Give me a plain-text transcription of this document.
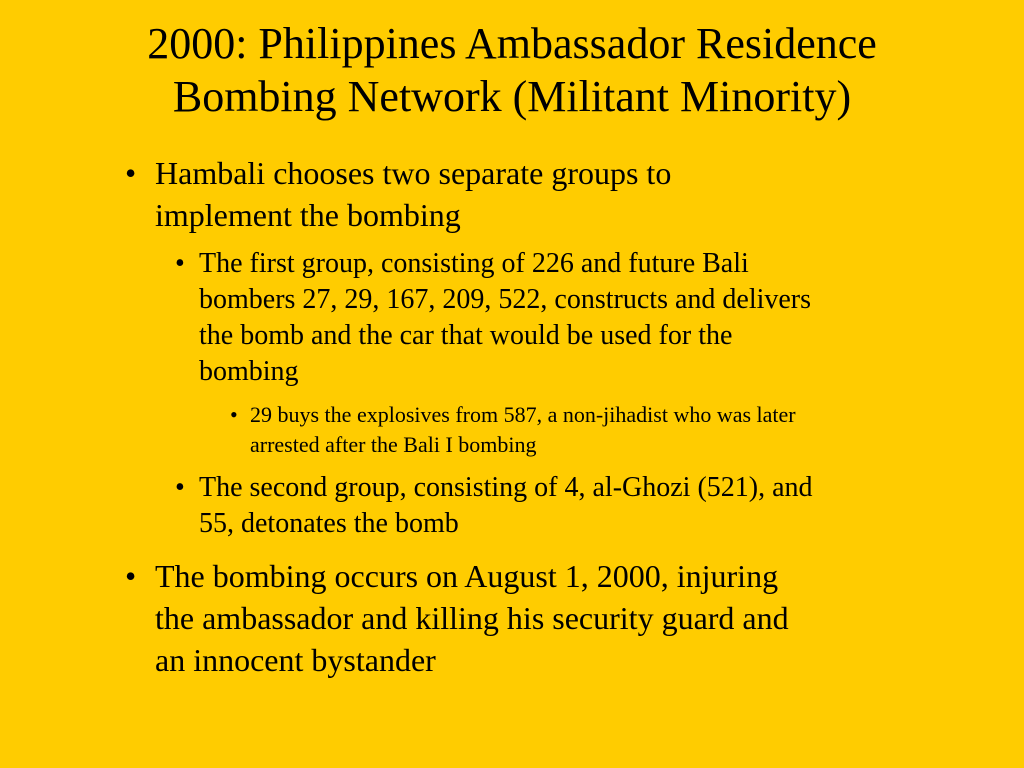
2000: Philippines Ambassador Residence
Bombing Network (Militant Minority)
• Hambali chooses two separate groups to
implement the bombing
• The first group, consisting of 226 and future Bali
bombers 27, 29, 167, 209, 522, constructs and delivers
the bomb and the car that would be used for the
bombing
• 29 buys the explosives from 587, a non-jihadist who was later
arrested after the Bali I bombing
• The second group, consisting of 4, al-Ghozi (521), and
55, detonates the bomb
• The bombing occurs on August 1, 2000, injuring
the ambassador and killing his security guard and
an innocent bystander
